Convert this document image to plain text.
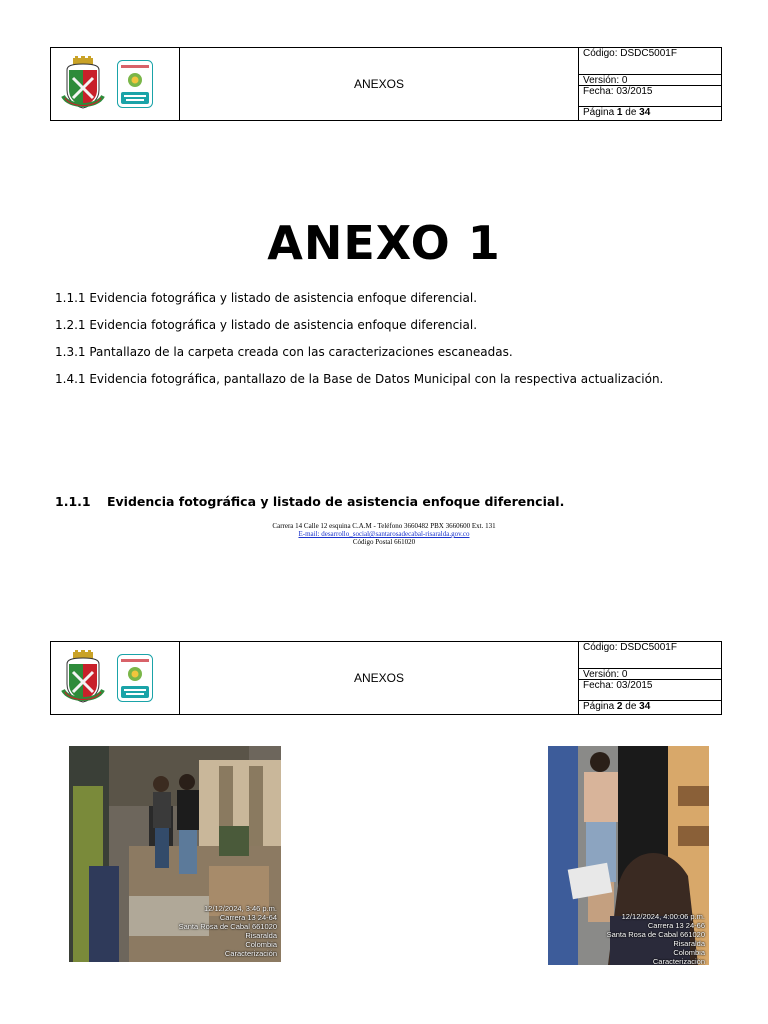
ANEXOS
Código: DSDC5001F
Versión: 0
Fecha: 03/2015
Página 1 de 34
ANEXO 1
1.1.1 Evidencia fotográfica y listado de asistencia enfoque diferencial.
1.2.1 Evidencia fotográfica y listado de asistencia enfoque diferencial.
1.3.1 Pantallazo de la carpeta creada con las caracterizaciones escaneadas.
1.4.1 Evidencia fotográfica, pantallazo de la Base de Datos Municipal con la respectiva actualización.
1.1.1 Evidencia fotográfica y listado de asistencia enfoque diferencial.
Carrera 14 Calle 12 esquina C.A.M - Teléfono 3660482 PBX 3660600 Ext. 131
E-mail: desarrollo_social@santarosadecabal-risaralda.gov.co
Código Postal 661020
ANEXOS
Código: DSDC5001F
Versión: 0
Fecha: 03/2015
Página 2 de 34
12/12/2024, 3:46 p.m.
Carrera 13 24-64
Santa Rosa de Cabal 661020
Risaralda
Colombia
Caracterización
12/12/2024, 4:00:06 p.m.
Carrera 13 24-66
Santa Rosa de Cabal 661020
Risaralda
Colombia
Caracterización
